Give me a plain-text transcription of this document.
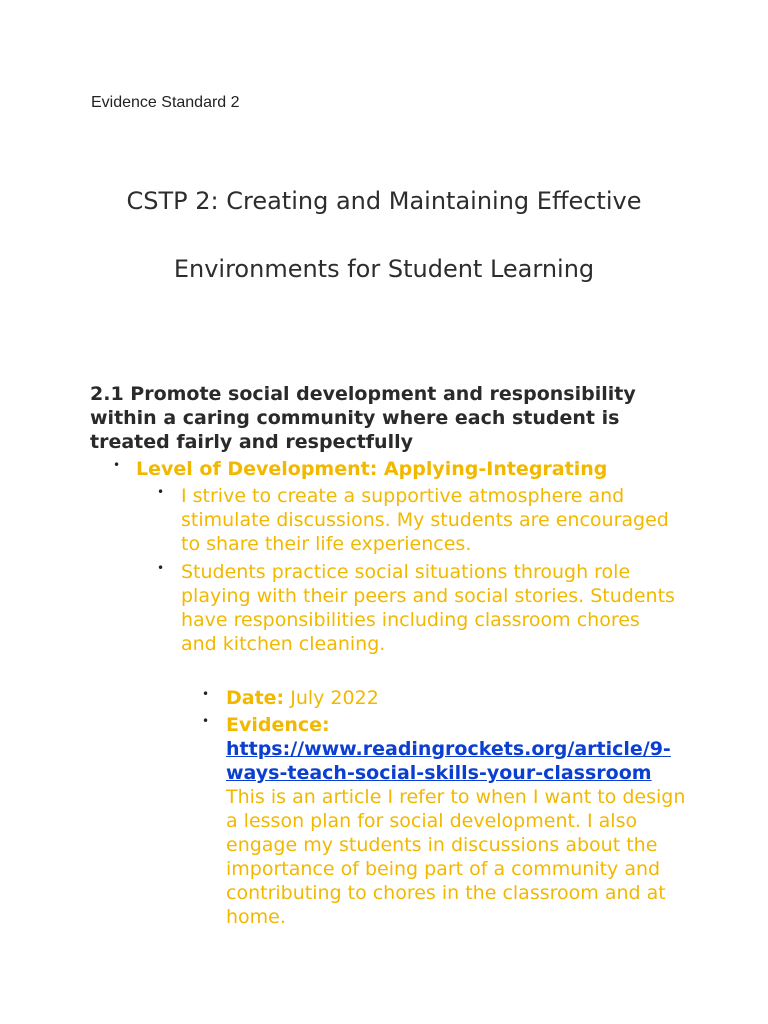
Evidence Standard 2
CSTP 2: Creating and Maintaining Effective
Environments for Student Learning
2.1 Promote social development and responsibility within a caring community where each student is treated fairly and respectfully
• Level of Development: Applying-Integrating
• I strive to create a supportive atmosphere and stimulate discussions. My students are encouraged to share their life experiences.
• Students practice social situations through role playing with their peers and social stories. Students have responsibilities including classroom chores and kitchen cleaning.
• Date: July 2022
• Evidence: https://www.readingrockets.org/article/9-ways-teach-social-skills-your-classroom
This is an article I refer to when I want to design a lesson plan for social development. I also engage my students in discussions about the importance of being part of a community and contributing to chores in the classroom and at home.
